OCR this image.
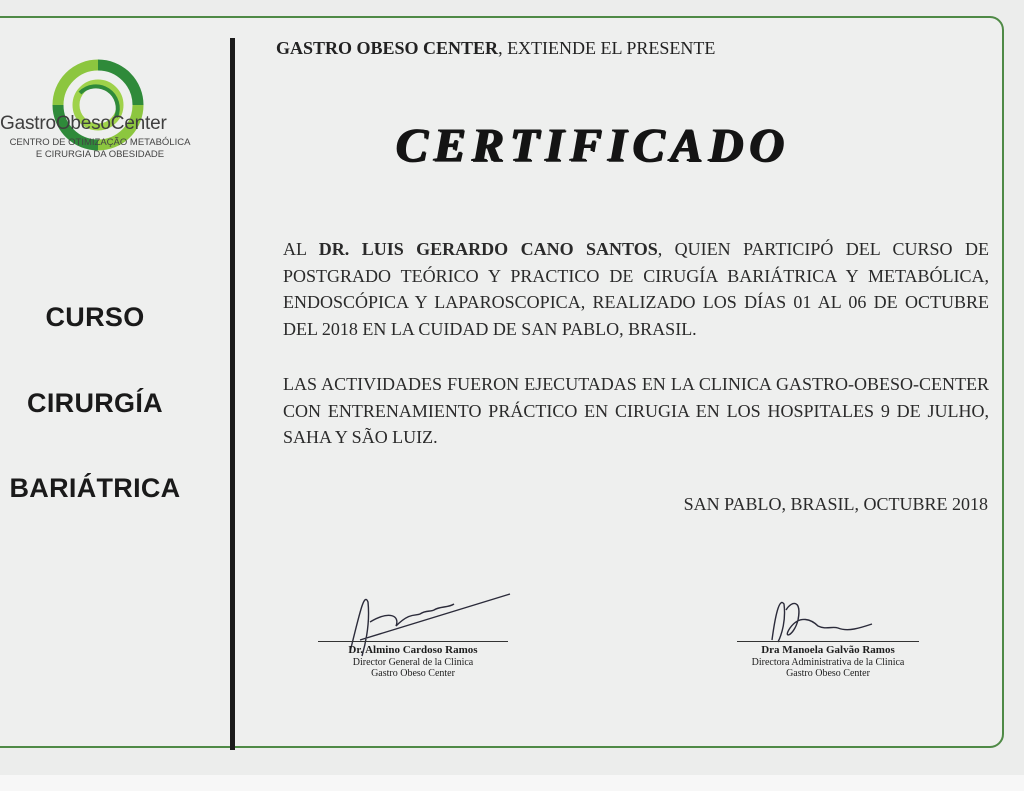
GastroObesoCenter
CENTRO DE OTIMIZAÇÃO METABÓLICA
E CIRURGIA DA OBESIDADE
CURSO
CIRURGÍA
BARIÁTRICA
GASTRO OBESO CENTER, EXTIENDE EL PRESENTE
CERTIFICADO
AL DR. LUIS GERARDO CANO SANTOS, QUIEN PARTICIPÓ DEL CURSO DE POSTGRADO TEÓRICO Y PRACTICO DE CIRUGÍA BARIÁTRICA Y METABÓLICA, ENDOSCÓPICA Y LAPAROSCOPICA, REALIZADO LOS DÍAS 01 AL 06 DE OCTUBRE DEL 2018 EN LA CUIDAD DE SAN PABLO, BRASIL.
LAS ACTIVIDADES FUERON EJECUTADAS EN LA CLINICA GASTRO-OBESO-CENTER CON ENTRENAMIENTO PRÁCTICO EN CIRUGIA EN LOS HOSPITALES 9 DE JULHO, SAHA Y SÃO LUIZ.
SAN PABLO, BRASIL, OCTUBRE 2018
Dr. Almino Cardoso Ramos
Director General de la Clinica
Gastro Obeso Center
Dra Manoela Galvão Ramos
Directora Administrativa de la Clinica
Gastro Obeso Center
